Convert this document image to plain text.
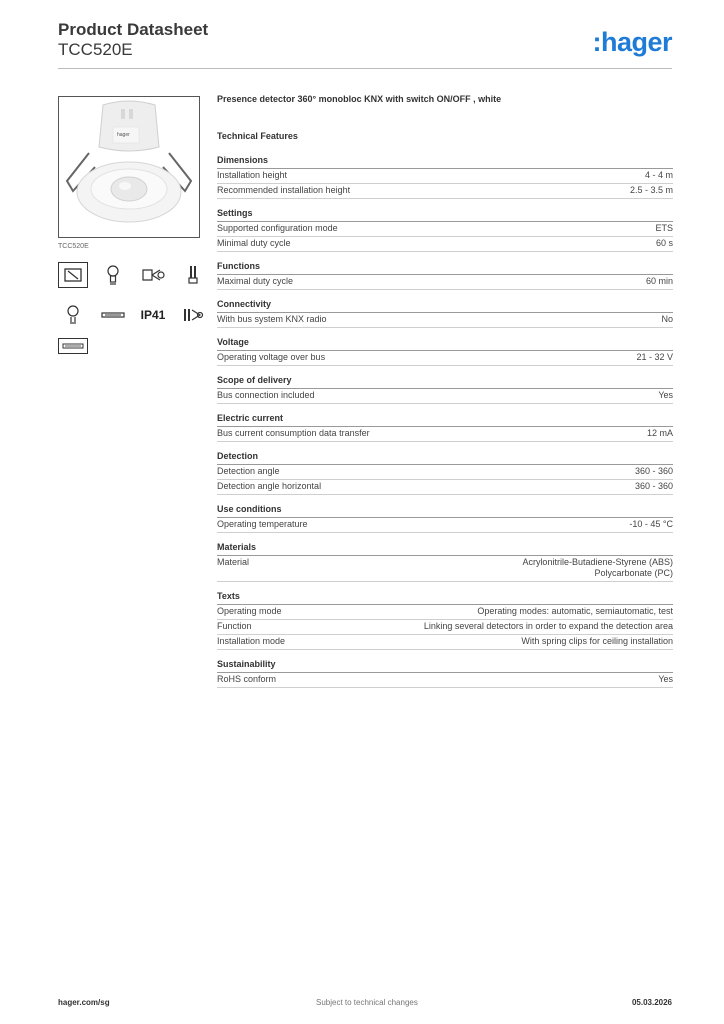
Product Datasheet
TCC520E	:hager
hager
TCC520E
IP41
Presence detector 360° monobloc KNX with switch ON/OFF , white
Technical Features
Dimensions
Installation height	4 - 4 m
Recommended installation height	2.5 - 3.5 m
Settings
Supported configuration mode	ETS
Minimal duty cycle	60 s
Functions
Maximal duty cycle	60 min
Connectivity
With bus system KNX radio	No
Voltage
Operating voltage over bus	21 - 32 V
Scope of delivery
Bus connection included	Yes
Electric current
Bus current consumption data transfer	12 mA
Detection
Detection angle	360 - 360
Detection angle horizontal	360 - 360
Use conditions
Operating temperature	-10 - 45 °C
Materials
Material	Acrylonitrile-Butadiene-Styrene (ABS)
Polycarbonate (PC)
Texts
Operating mode	Operating modes: automatic, semiautomatic, test
Function	Linking several detectors in order to expand the detection area
Installation mode	With spring clips for ceiling installation
Sustainability
RoHS conform	Yes
hager.com/sg	Subject to technical changes	05.03.2026
